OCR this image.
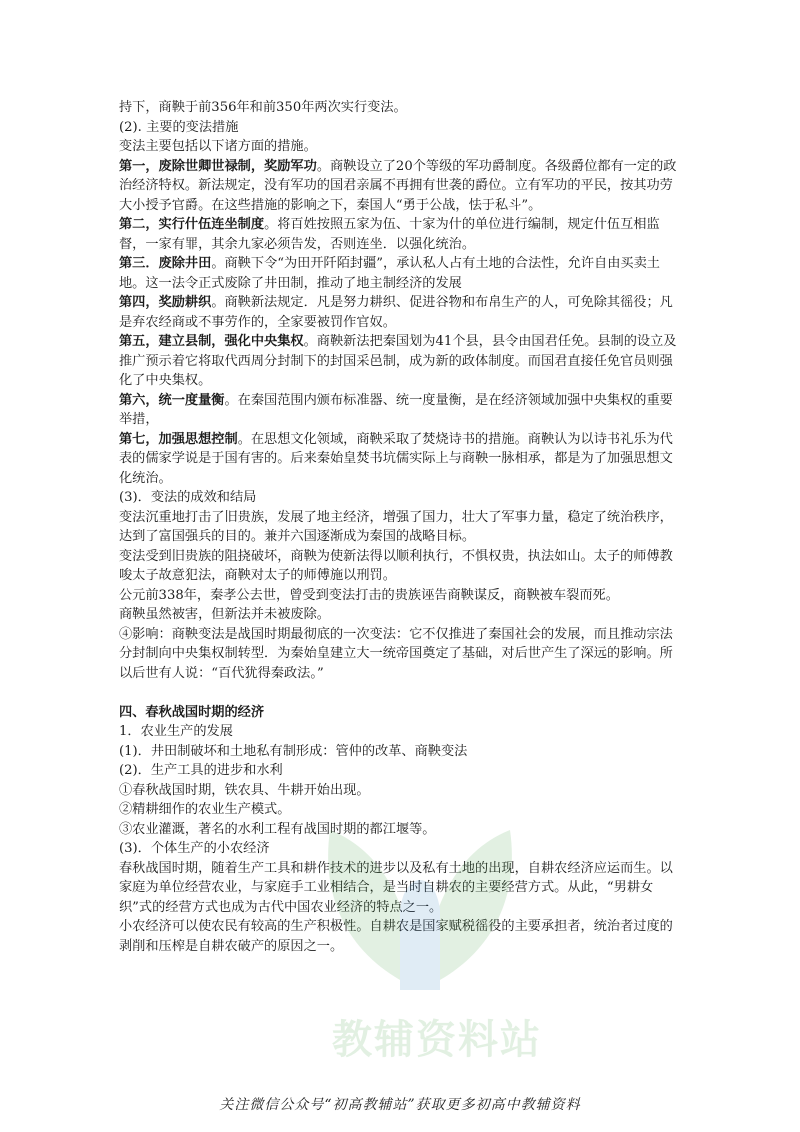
持下，商鞅于前356年和前350年两次实行变法。

(2). 主要的变法措施

变法主要包括以下诸方面的措施。

第一，废除世卿世禄制，奖励军功。商鞅设立了20个等级的军功爵制度。各级爵位都有一定的政治经济特权。新法规定，没有军功的国君亲属不再拥有世袭的爵位。立有军功的平民，按其功劳大小授予官爵。在这些措施的影响之下，秦国人“勇于公战，怯于私斗”。

第二，实行什伍连坐制度。将百姓按照五家为伍、十家为什的单位进行编制，规定什伍互相监督，一家有罪，其余九家必须告发，否则连坐．以强化统治。

第三．废除井田。商鞅下令“为田开阡陌封疆”，承认私人占有土地的合法性，允许自由买卖土地。这一法令正式废除了井田制，推动了地主制经济的发展

第四，奖励耕织。商鞅新法规定．凡是努力耕织、促进谷物和布帛生产的人，可免除其徭役；凡是弃农经商或不事劳作的，全家要被罚作官奴。

第五，建立县制，强化中央集权。商鞅新法把秦国划为41个县，县令由国君任免。县制的设立及推广预示着它将取代西周分封制下的封国采邑制，成为新的政体制度。而国君直接任免官员则强化了中央集权。

第六，统一度量衡。在秦国范围内颁布标准器、统一度量衡，是在经济领域加强中央集权的重要举措，

第七，加强思想控制。在思想文化领域，商鞅采取了焚烧诗书的措施。商鞅认为以诗书礼乐为代表的儒家学说是于国有害的。后来秦始皇焚书坑儒实际上与商鞅一脉相承，都是为了加强思想文化统治。

(3)．变法的成效和结局

变法沉重地打击了旧贵族，发展了地主经济，增强了国力，壮大了军事力量，稳定了统治秩序，达到了富国强兵的目的。兼并六国逐渐成为秦国的战略目标。

变法受到旧贵族的阻挠破坏，商鞅为使新法得以顺利执行，不惧权贵，执法如山。太子的师傅教唆太子故意犯法，商鞅对太子的师傅施以刑罚。

公元前338年，秦孝公去世，曾受到变法打击的贵族诬告商鞅谋反，商鞅被车裂而死。

商鞅虽然被害，但新法并未被废除。

④影响：商鞅变法是战国时期最彻底的一次变法：它不仅推进了秦国社会的发展，而且推动宗法分封制向中央集权制转型．为秦始皇建立大一统帝国奠定了基础，对后世产生了深远的影响。所以后世有人说：“百代犹得秦政法。”

四、春秋战国时期的经济

1．农业生产的发展

(1)．井田制破坏和土地私有制形成：管仲的改革、商鞅变法

(2)．生产工具的进步和水利

①春秋战国时期，铁农具、牛耕开始出现。

②精耕细作的农业生产模式。

③农业灌溉，著名的水利工程有战国时期的都江堰等。

(3)．个体生产的小农经济

春秋战国时期，随着生产工具和耕作技术的进步以及私有土地的出现，自耕农经济应运而生。以家庭为单位经营农业，与家庭手工业相结合，是当时自耕农的主要经营方式。从此，“男耕女织”式的经营方式也成为古代中国农业经济的特点之一。

小农经济可以使农民有较高的生产积极性。自耕农是国家赋税徭役的主要承担者，统治者过度的剥削和压榨是自耕农破产的原因之一。

教辅资料站
关注微信公众号“初高教辅站”获取更多初高中教辅资料
